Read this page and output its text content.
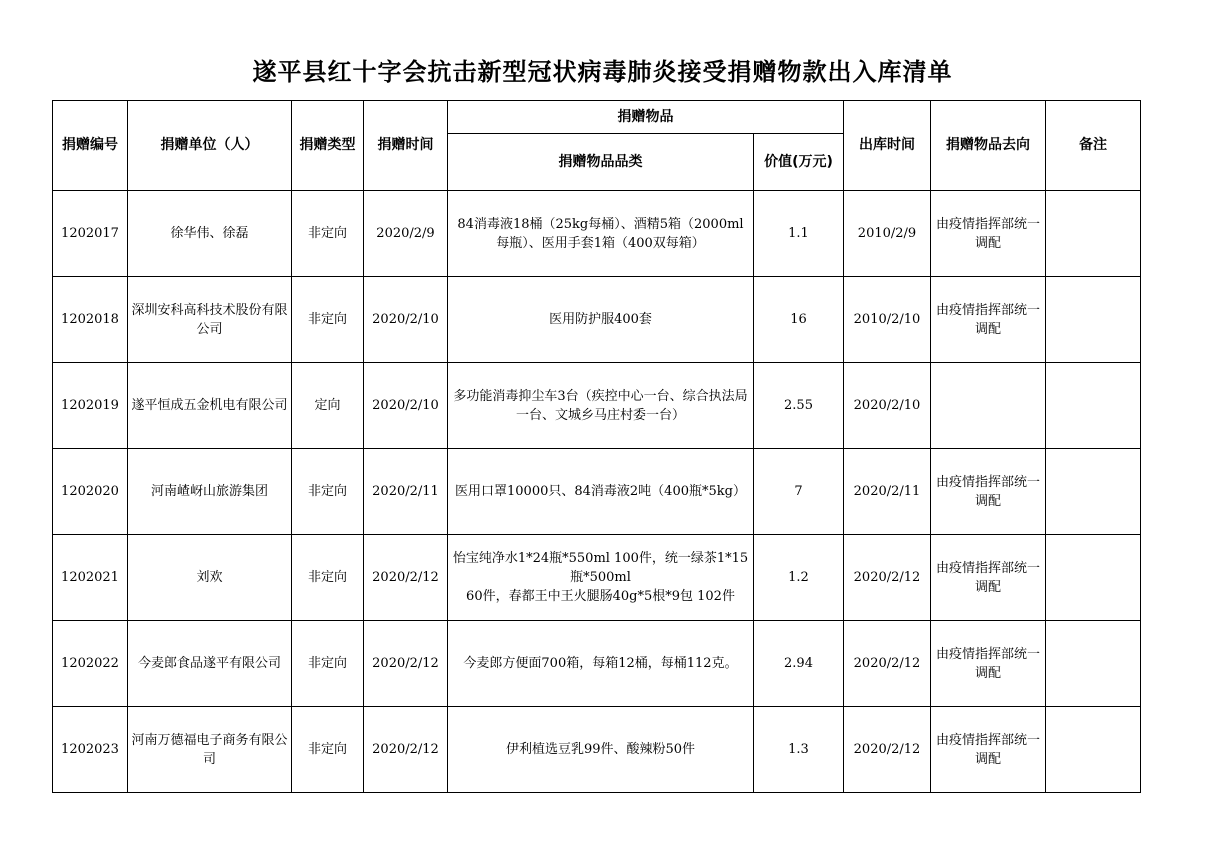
遂平县红十字会抗击新型冠状病毒肺炎接受捐赠物款出入库清单
捐赠编号	捐赠单位（人）	捐赠类型	捐赠时间	捐赠物品		出库时间	捐赠物品去向	备注
				捐赠物品品类	价值(万元)			
1202017	徐华伟、徐磊	非定向	2020/2/9	84消毒液18桶（25kg每桶）、酒精5箱（2000ml每瓶）、医用手套1箱（400双每箱）	1.1	2010/2/9	由疫情指挥部统一调配	
1202018	深圳安科高科技术股份有限公司	非定向	2020/2/10	医用防护服400套	16	2010/2/10	由疫情指挥部统一调配	
1202019	遂平恒成五金机电有限公司	定向	2020/2/10	多功能消毒抑尘车3台（疾控中心一台、综合执法局一台、文城乡马庄村委一台）	2.55	2020/2/10		
1202020	河南嵖岈山旅游集团	非定向	2020/2/11	医用口罩10000只、84消毒液2吨（400瓶*5kg）	7	2020/2/11	由疫情指挥部统一调配	
1202021	刘欢	非定向	2020/2/12	怡宝纯净水1*24瓶*550ml 100件，统一绿茶1*15瓶*500ml
60件，春都王中王火腿肠40g*5根*9包 102件	1.2	2020/2/12	由疫情指挥部统一调配	
1202022	今麦郎食品遂平有限公司	非定向	2020/2/12	今麦郎方便面700箱，每箱12桶，每桶112克。	2.94	2020/2/12	由疫情指挥部统一调配	
1202023	河南万德福电子商务有限公司	非定向	2020/2/12	伊利植选豆乳99件、酸辣粉50件	1.3	2020/2/12	由疫情指挥部统一调配	
